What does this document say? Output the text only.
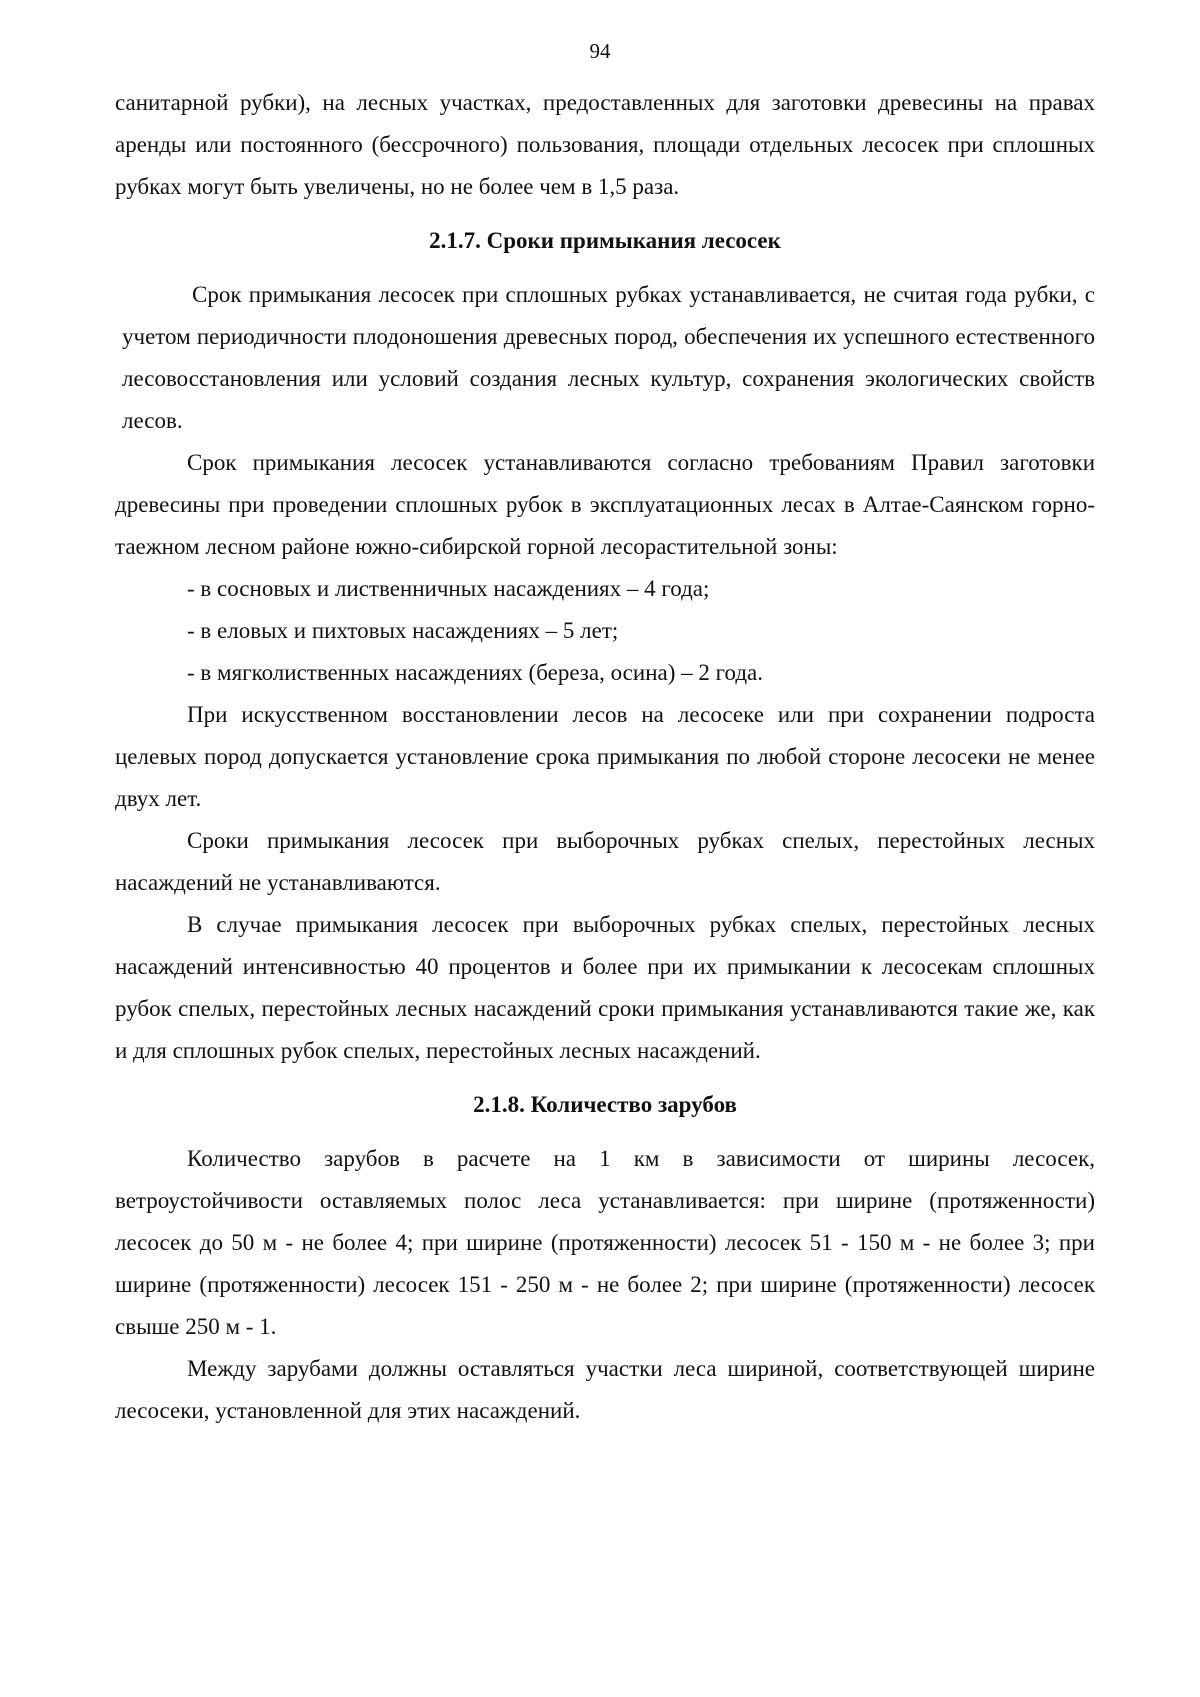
94

санитарной рубки), на лесных участках, предоставленных для заготовки древесины на правах аренды или постоянного (бессрочного) пользования, площади отдельных лесосек при сплошных рубках могут быть увеличены, но не более чем в 1,5 раза.

2.1.7. Сроки примыкания лесосек

Срок примыкания лесосек при сплошных рубках устанавливается, не считая года рубки, с учетом периодичности плодоношения древесных пород, обеспечения их успешного естественного лесовосстановления или условий создания лесных культур, сохранения экологических свойств лесов.

Срок примыкания лесосек устанавливаются согласно требованиям Правил заготовки древесины при проведении сплошных рубок в эксплуатационных лесах в Алтае-Саянском горно-таежном лесном районе южно-сибирской горной лесорастительной зоны:

- в сосновых и лиственничных насаждениях – 4 года;

- в еловых и пихтовых насаждениях – 5 лет;

- в мягколиственных насаждениях (береза, осина) – 2 года.

При искусственном восстановлении лесов на лесосеке или при сохранении подроста целевых пород допускается установление срока примыкания по любой стороне лесосеки не менее двух лет.

Сроки примыкания лесосек при выборочных рубках спелых, перестойных лесных насаждений не устанавливаются.

В случае примыкания лесосек при выборочных рубках спелых, перестойных лесных насаждений интенсивностью 40 процентов и более при их примыкании к лесосекам сплошных рубок спелых, перестойных лесных насаждений сроки примыкания устанавливаются такие же, как и для сплошных рубок спелых, перестойных лесных насаждений.

2.1.8. Количество зарубов

Количество зарубов в расчете на 1 км в зависимости от ширины лесосек, ветроустойчивости оставляемых полос леса устанавливается: при ширине (протяженности) лесосек до 50 м - не более 4; при ширине (протяженности) лесосек 51 - 150 м - не более 3; при ширине (протяженности) лесосек 151 - 250 м - не более 2; при ширине (протяженности) лесосек свыше 250 м - 1.

Между зарубами должны оставляться участки леса шириной, соответствующей ширине лесосеки, установленной для этих насаждений.
